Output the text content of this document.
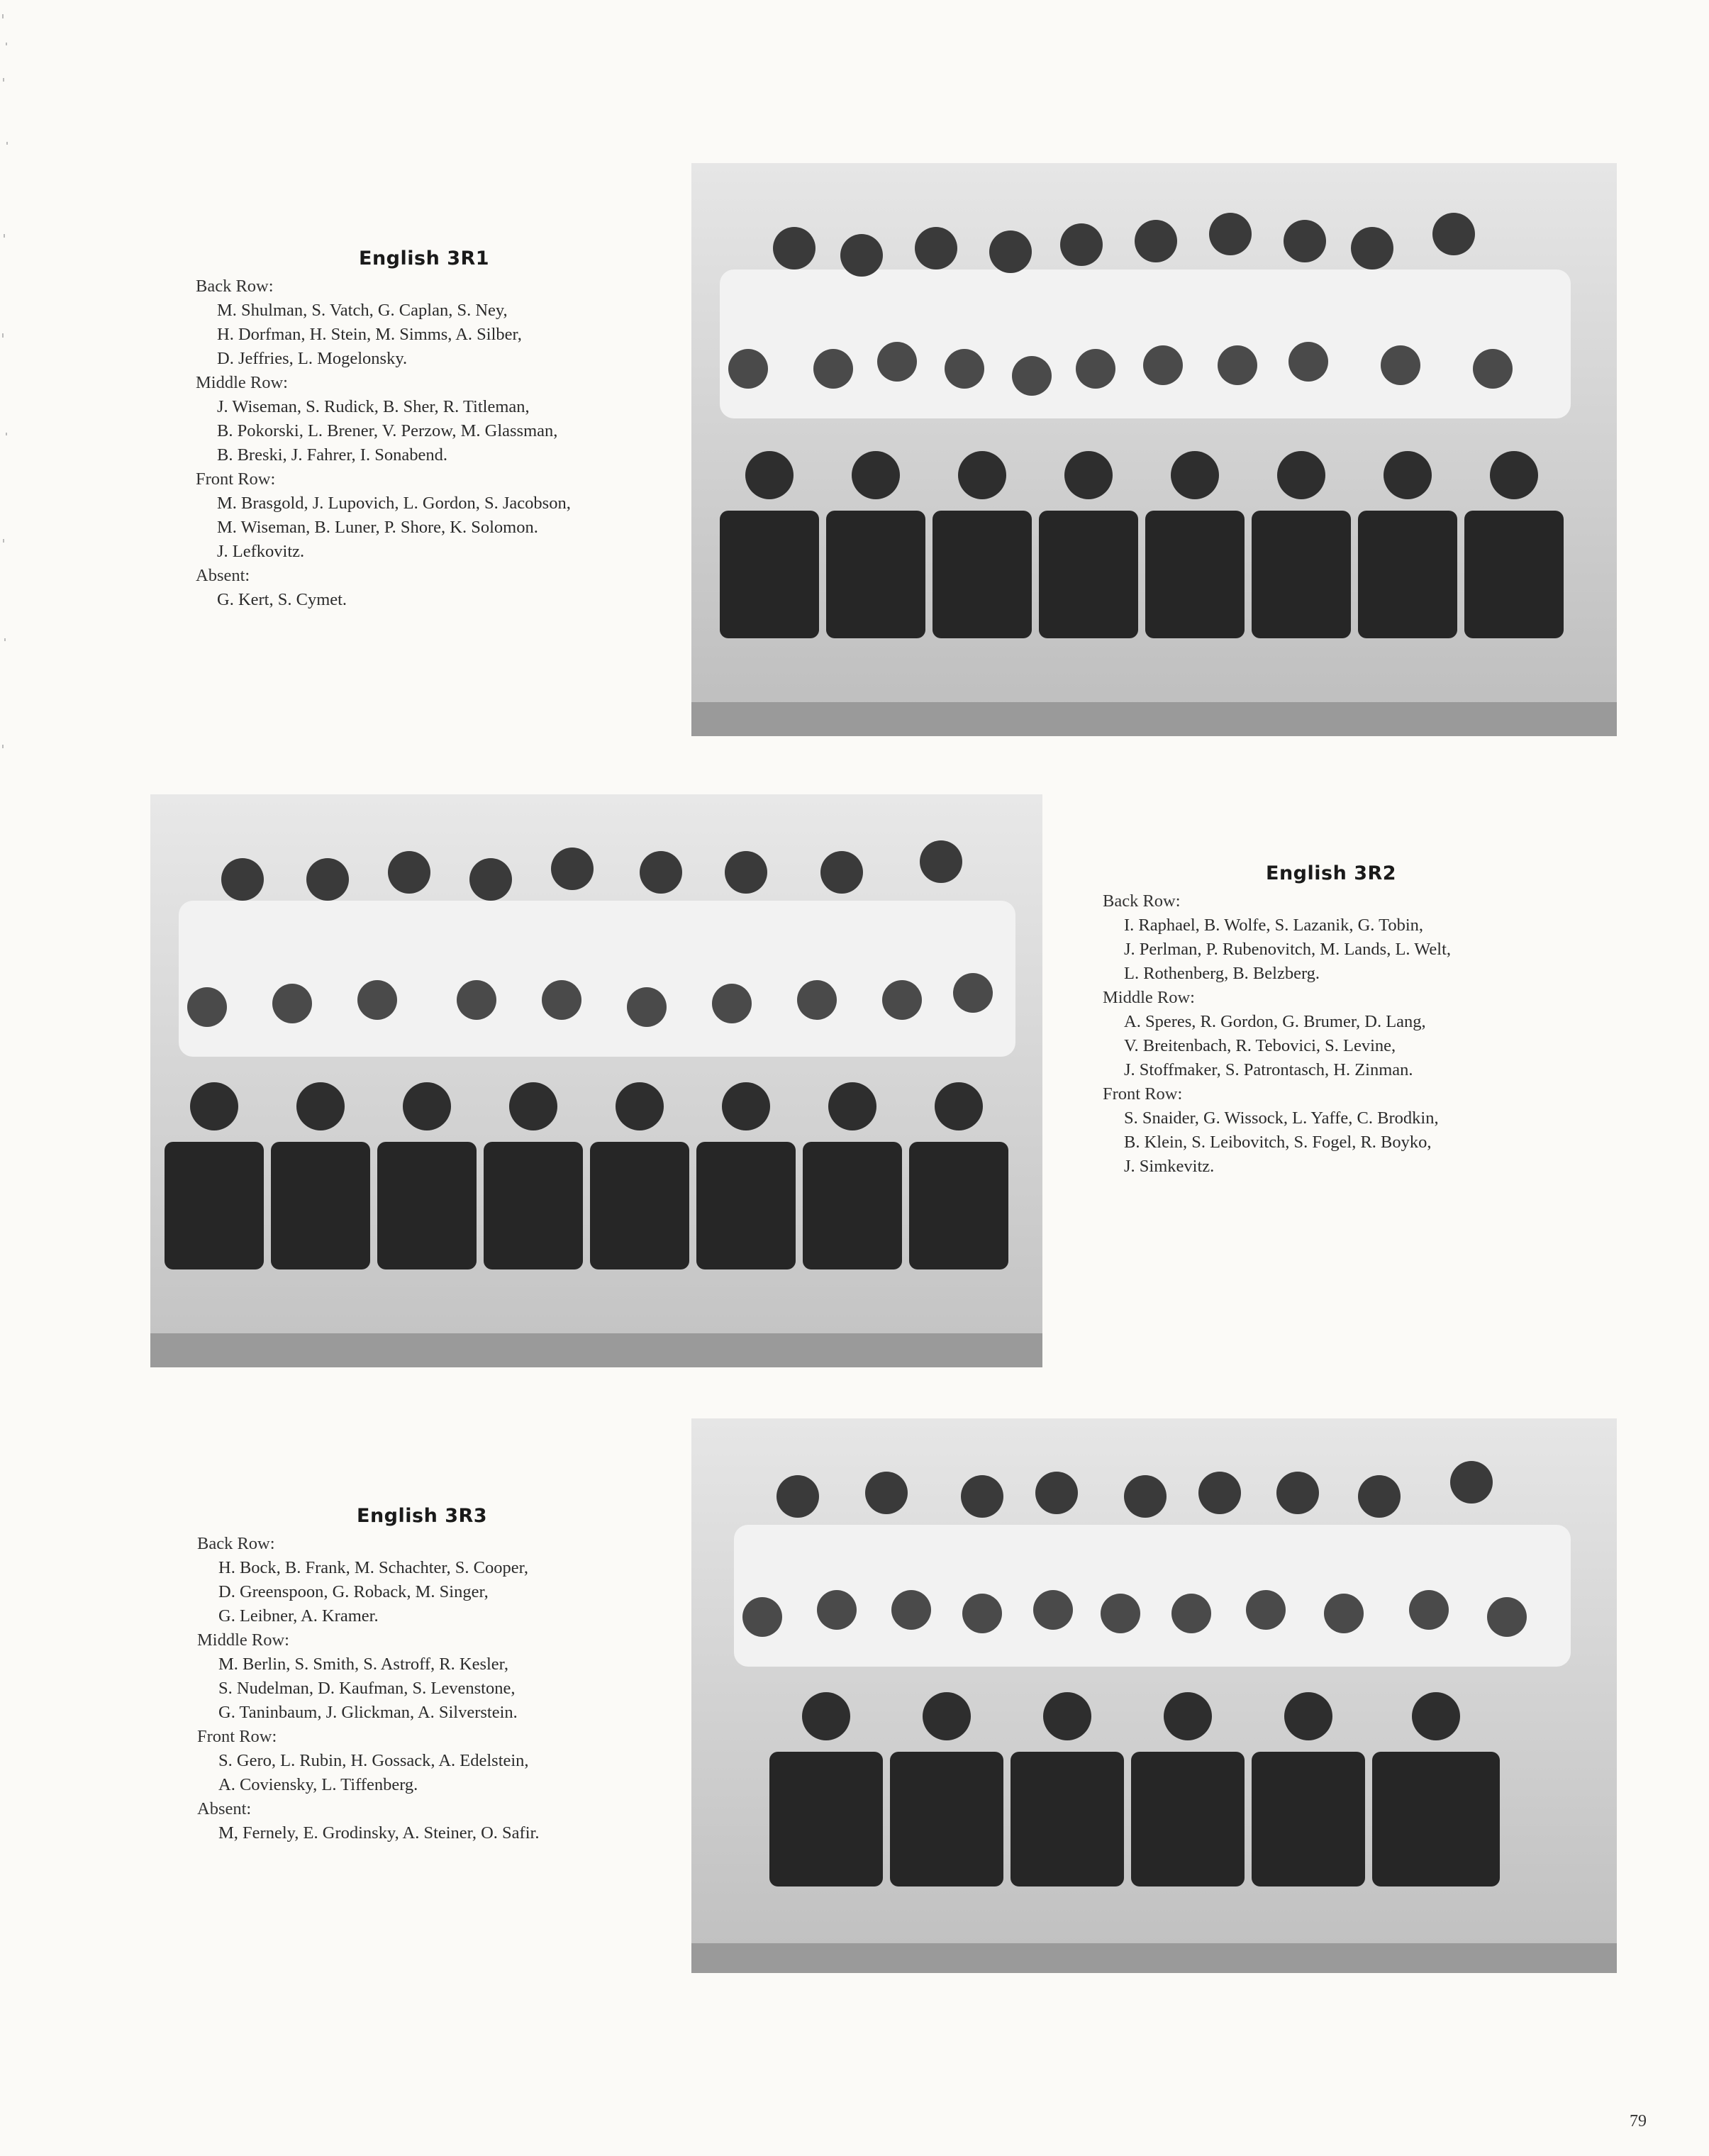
English 3R1
Back Row:
M. Shulman, S. Vatch, G. Caplan, S. Ney,
H. Dorfman, H. Stein, M. Simms, A. Silber,
D. Jeffries, L. Mogelonsky.
Middle Row:
J. Wiseman, S. Rudick, B. Sher, R. Titleman,
B. Pokorski, L. Brener, V. Perzow, M. Glassman,
B. Breski, J. Fahrer, I. Sonabend.
Front Row:
M. Brasgold, J. Lupovich, L. Gordon, S. Jacobson,
M. Wiseman, B. Luner, P. Shore, K. Solomon.
J. Lefkovitz.
Absent:
G. Kert, S. Cymet.
English 3R2
Back Row:
I. Raphael, B. Wolfe, S. Lazanik, G. Tobin,
J. Perlman, P. Rubenovitch, M. Lands, L. Welt,
L. Rothenberg, B. Belzberg.
Middle Row:
A. Speres, R. Gordon, G. Brumer, D. Lang,
V. Breitenbach, R. Tebovici, S. Levine,
J. Stoffmaker, S. Patrontasch, H. Zinman.
Front Row:
S. Snaider, G. Wissock, L. Yaffe, C. Brodkin,
B. Klein, S. Leibovitch, S. Fogel, R. Boyko,
J. Simkevitz.
English 3R3
Back Row:
H. Bock, B. Frank, M. Schachter, S. Cooper,
D. Greenspoon, G. Roback, M. Singer,
G. Leibner, A. Kramer.
Middle Row:
M. Berlin, S. Smith, S. Astroff, R. Kesler,
S. Nudelman, D. Kaufman, S. Levenstone,
G. Taninbaum, J. Glickman, A. Silverstein.
Front Row:
S. Gero, L. Rubin, H. Gossack, A. Edelstein,
A. Coviensky, L. Tiffenberg.
Absent:
M, Fernely, E. Grodinsky, A. Steiner, O. Safir.
79
